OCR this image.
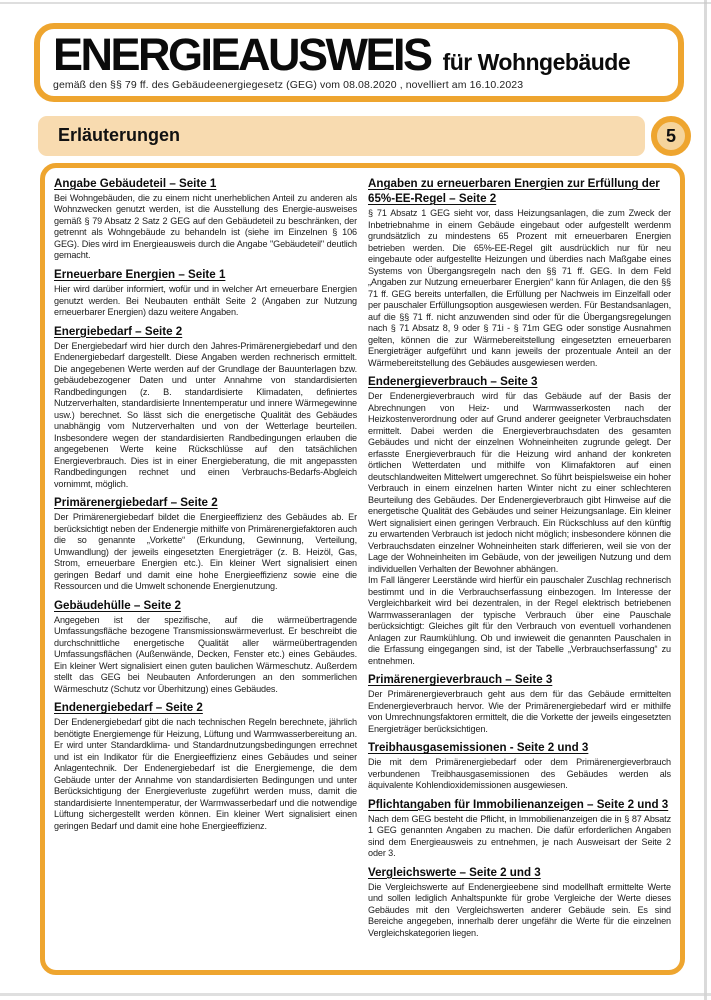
ENERGIEAUSWEIS für Wohngebäude
gemäß den §§ 79 ff. des Gebäudeenergiegesetz (GEG) vom 08.08.2020 , novelliert am 16.10.2023
Erläuterungen	5
Angabe Gebäudeteil – Seite 1

Bei Wohngebäuden, die zu einem nicht unerheblichen Anteil zu anderen als Wohnzwecken genutzt werden, ist die Ausstellung des Energie-ausweises gemäß § 79 Absatz 2 Satz 2 GEG auf den Gebäudeteil zu beschränken, der getrennt als Wohngebäude zu behandeln ist (siehe im Einzelnen § 106 GEG). Dies wird im Energieausweis durch die Angabe "Gebäudeteil" deutlich gemacht.

Erneuerbare Energien – Seite 1

Hier wird darüber informiert, wofür und in welcher Art erneuerbare Energien genutzt werden. Bei Neubauten enthält Seite 2 (Angaben zur Nutzung erneuerbarer Energien) dazu weitere Angaben.

Energiebedarf – Seite 2

Der Energiebedarf wird hier durch den Jahres-Primärenergiebedarf und den Endenergiebedarf dargestellt. Diese Angaben werden rechnerisch ermittelt. Die angegebenen Werte werden auf der Grundlage der Bauunterlagen bzw. gebäudebezogener Daten und unter Annahme von standardisierten Randbedingungen (z. B. standardisierte Klimadaten, definiertes Nutzerverhalten, standardisierte Innentemperatur und innere Wärmegewinne usw.) berechnet. So lässt sich die energetische Qualität des Gebäudes unabhängig vom Nutzerverhalten und von der Wetterlage beurteilen. Insbesondere wegen der standardisierten Randbedingungen erlauben die angegebenen Werte keine Rückschlüsse auf den tatsächlichen Energieverbrauch. Dies ist in einer Energieberatung, die mit angepassten Randbedingungen rechnet und einen Verbrauchs-Bedarfs-Abgleich vornimmt, möglich.

Primärenergiebedarf – Seite 2

Der Primärenergiebedarf bildet die Energieeffizienz des Gebäudes ab. Er berücksichtigt neben der Endenergie mithilfe von Primärenergiefaktoren auch die so genannte „Vorkette“ (Erkundung, Gewinnung, Verteilung, Umwandlung) der jeweils eingesetzten Energieträger (z. B. Heizöl, Gas, Strom, erneuerbare Energien etc.). Ein kleiner Wert signalisiert einen geringen Bedarf und damit eine hohe Energieeffizienz sowie eine die Ressourcen und die Umwelt schonende Energienutzung.

Gebäudehülle – Seite 2

Angegeben ist der spezifische, auf die wärmeübertragende Umfassungsfläche bezogene Transmissionswärmeverlust. Er beschreibt die durchschnittliche energetische Qualität aller wärmeübertragenden Umfassungsflächen (Außenwände, Decken, Fenster etc.) eines Gebäudes. Ein kleiner Wert signalisiert einen guten baulichen Wärmeschutz. Außerdem stellt das GEG bei Neubauten Anforderungen an den sommerlichen Wärmeschutz (Schutz vor Überhitzung) eines Gebäudes.

Endenergiebedarf – Seite 2

Der Endenergiebedarf gibt die nach technischen Regeln berechnete, jährlich benötigte Energiemenge für Heizung, Lüftung und Warmwasserbereitung an. Er wird unter Standardklima- und Standardnutzungsbedingungen errechnet und ist ein Indikator für die Energieeffizienz eines Gebäudes und seiner Anlagentechnik. Der Endenergiebedarf ist die Energiemenge, die dem Gebäude unter der Annahme von standardisierten Bedingungen und unter Berücksichtigung der Energieverluste zugeführt werden muss, damit die standardisierte Innentemperatur, der Warmwasserbedarf und die notwendige Lüftung sichergestellt werden können. Ein kleiner Wert signalisiert einen geringen Bedarf und damit eine hohe Energieeffizienz.

Angaben zu erneuerbaren Energien zur Erfüllung der 65%-EE-Regel – Seite 2

§ 71 Absatz 1 GEG sieht vor, dass Heizungsanlagen, die zum Zweck der Inbetriebnahme in einem Gebäude eingebaut oder aufgestellt werdenm grundsätzlich zu mindestens 65 Prozent mit erneuerbaren Energien betrieben werden. Die 65%-EE-Regel gilt ausdrücklich nur für neu eingebaute oder aufgestellte Heizungen und überdies nach Maßgabe eines Systems von Übergangsregeln nach den §§ 71 ff. GEG. In dem Feld „Angaben zur Nutzung erneuerbarer Energien“ kann für Anlagen, die den §§ 71 ff. GEG bereits unterfallen, die Erfüllung per Nachweis im Einzelfall oder per pauschaler Erfüllungsoption ausgewiesen werden. Für Bestandsanlagen, auf die §§ 71 ff. nicht anzuwenden sind oder für die Übergangsregelungen nach § 71 Absatz 8, 9 oder § 71i - § 71m GEG oder sonstige Ausnahmen gelten, können die zur Wärmebereitstellung eingesetzten erneuerbaren Energieträger aufgeführt und kann jeweils der prozentuale Anteil an der Wärmebereitstellung des Gebäudes ausgewiesen werden.

Endenergieverbrauch – Seite 3

Der Endenergieverbrauch wird für das Gebäude auf der Basis der Abrechnungen von Heiz- und Warmwasserkosten nach der Heizkostenverordnung oder auf Grund anderer geeigneter Verbrauchsdaten ermittelt. Dabei werden die Energieverbrauchsdaten des gesamten Gebäudes und nicht der einzelnen Wohneinheiten zugrunde gelegt. Der erfasste Energieverbrauch für die Heizung wird anhand der konkreten örtlichen Wetterdaten und mithilfe von Klimafaktoren auf einen deutschlandweiten Mittelwert umgerechnet. So führt beispielsweise ein hoher Verbrauch in einem einzelnen harten Winter nicht zu einer schlechteren Beurteilung des Gebäudes. Der Endenergieverbrauch gibt Hinweise auf die energetische Qualität des Gebäudes und seiner Heizungsanlage. Ein kleiner Wert signalisiert einen geringen Verbrauch. Ein Rückschluss auf den künftig zu erwartenden Verbrauch ist jedoch nicht möglich; insbesondere können die Verbrauchsdaten einzelner Wohneinheiten stark differieren, weil sie von der Lage der Wohneinheiten im Gebäude, von der jeweiligen Nutzung und dem individuellen Verhalten der Bewohner abhängen.

Im Fall längerer Leerstände wird hierfür ein pauschaler Zuschlag rechnerisch bestimmt und in die Verbrauchserfassung einbezogen. Im Interesse der Vergleichbarkeit wird bei dezentralen, in der Regel elektrisch betriebenen Warmwasseranlagen der typische Verbrauch über eine Pauschale berücksichtigt: Gleiches gilt für den Verbrauch von eventuell vorhandenen Anlagen zur Raumkühlung. Ob und inwieweit die genannten Pauschalen in die Erfassung eingegangen sind, ist der Tabelle „Verbrauchserfassung“ zu entnehmen.

Primärenergieverbrauch – Seite 3

Der Primärenergieverbrauch geht aus dem für das Gebäude ermittelten Endenergieverbrauch hervor. Wie der Primärenergiebedarf wird er mithilfe von Umrechnungsfaktoren ermittelt, die die Vorkette der jeweils eingesetzten Energieträger berücksichtigen.

Treibhausgasemissionen - Seite 2 und 3

Die mit dem Primärenergiebedarf oder dem Primärenergieverbrauch verbundenen Treibhausgasemissionen des Gebäudes werden als äquivalente Kohlendioxidemissionen ausgewiesen.

Pflichtangaben für Immobilienanzeigen – Seite 2 und 3

Nach dem GEG besteht die Pflicht, in Immobilienanzeigen die in § 87 Absatz 1 GEG genannten Angaben zu machen. Die dafür erforderlichen Angaben sind dem Energieausweis zu entnehmen, je nach Ausweisart der Seite 2 oder 3.

Vergleichswerte – Seite 2 und 3

Die Vergleichswerte auf Endenergieebene sind modellhaft ermittelte Werte und sollen lediglich Anhaltspunkte für grobe Vergleiche der Werte dieses Gebäudes mit den Vergleichswerten anderer Gebäude sein. Es sind Bereiche angegeben, innerhalb derer ungefähr die Werte für die einzelnen Vergleichskategorien liegen.
